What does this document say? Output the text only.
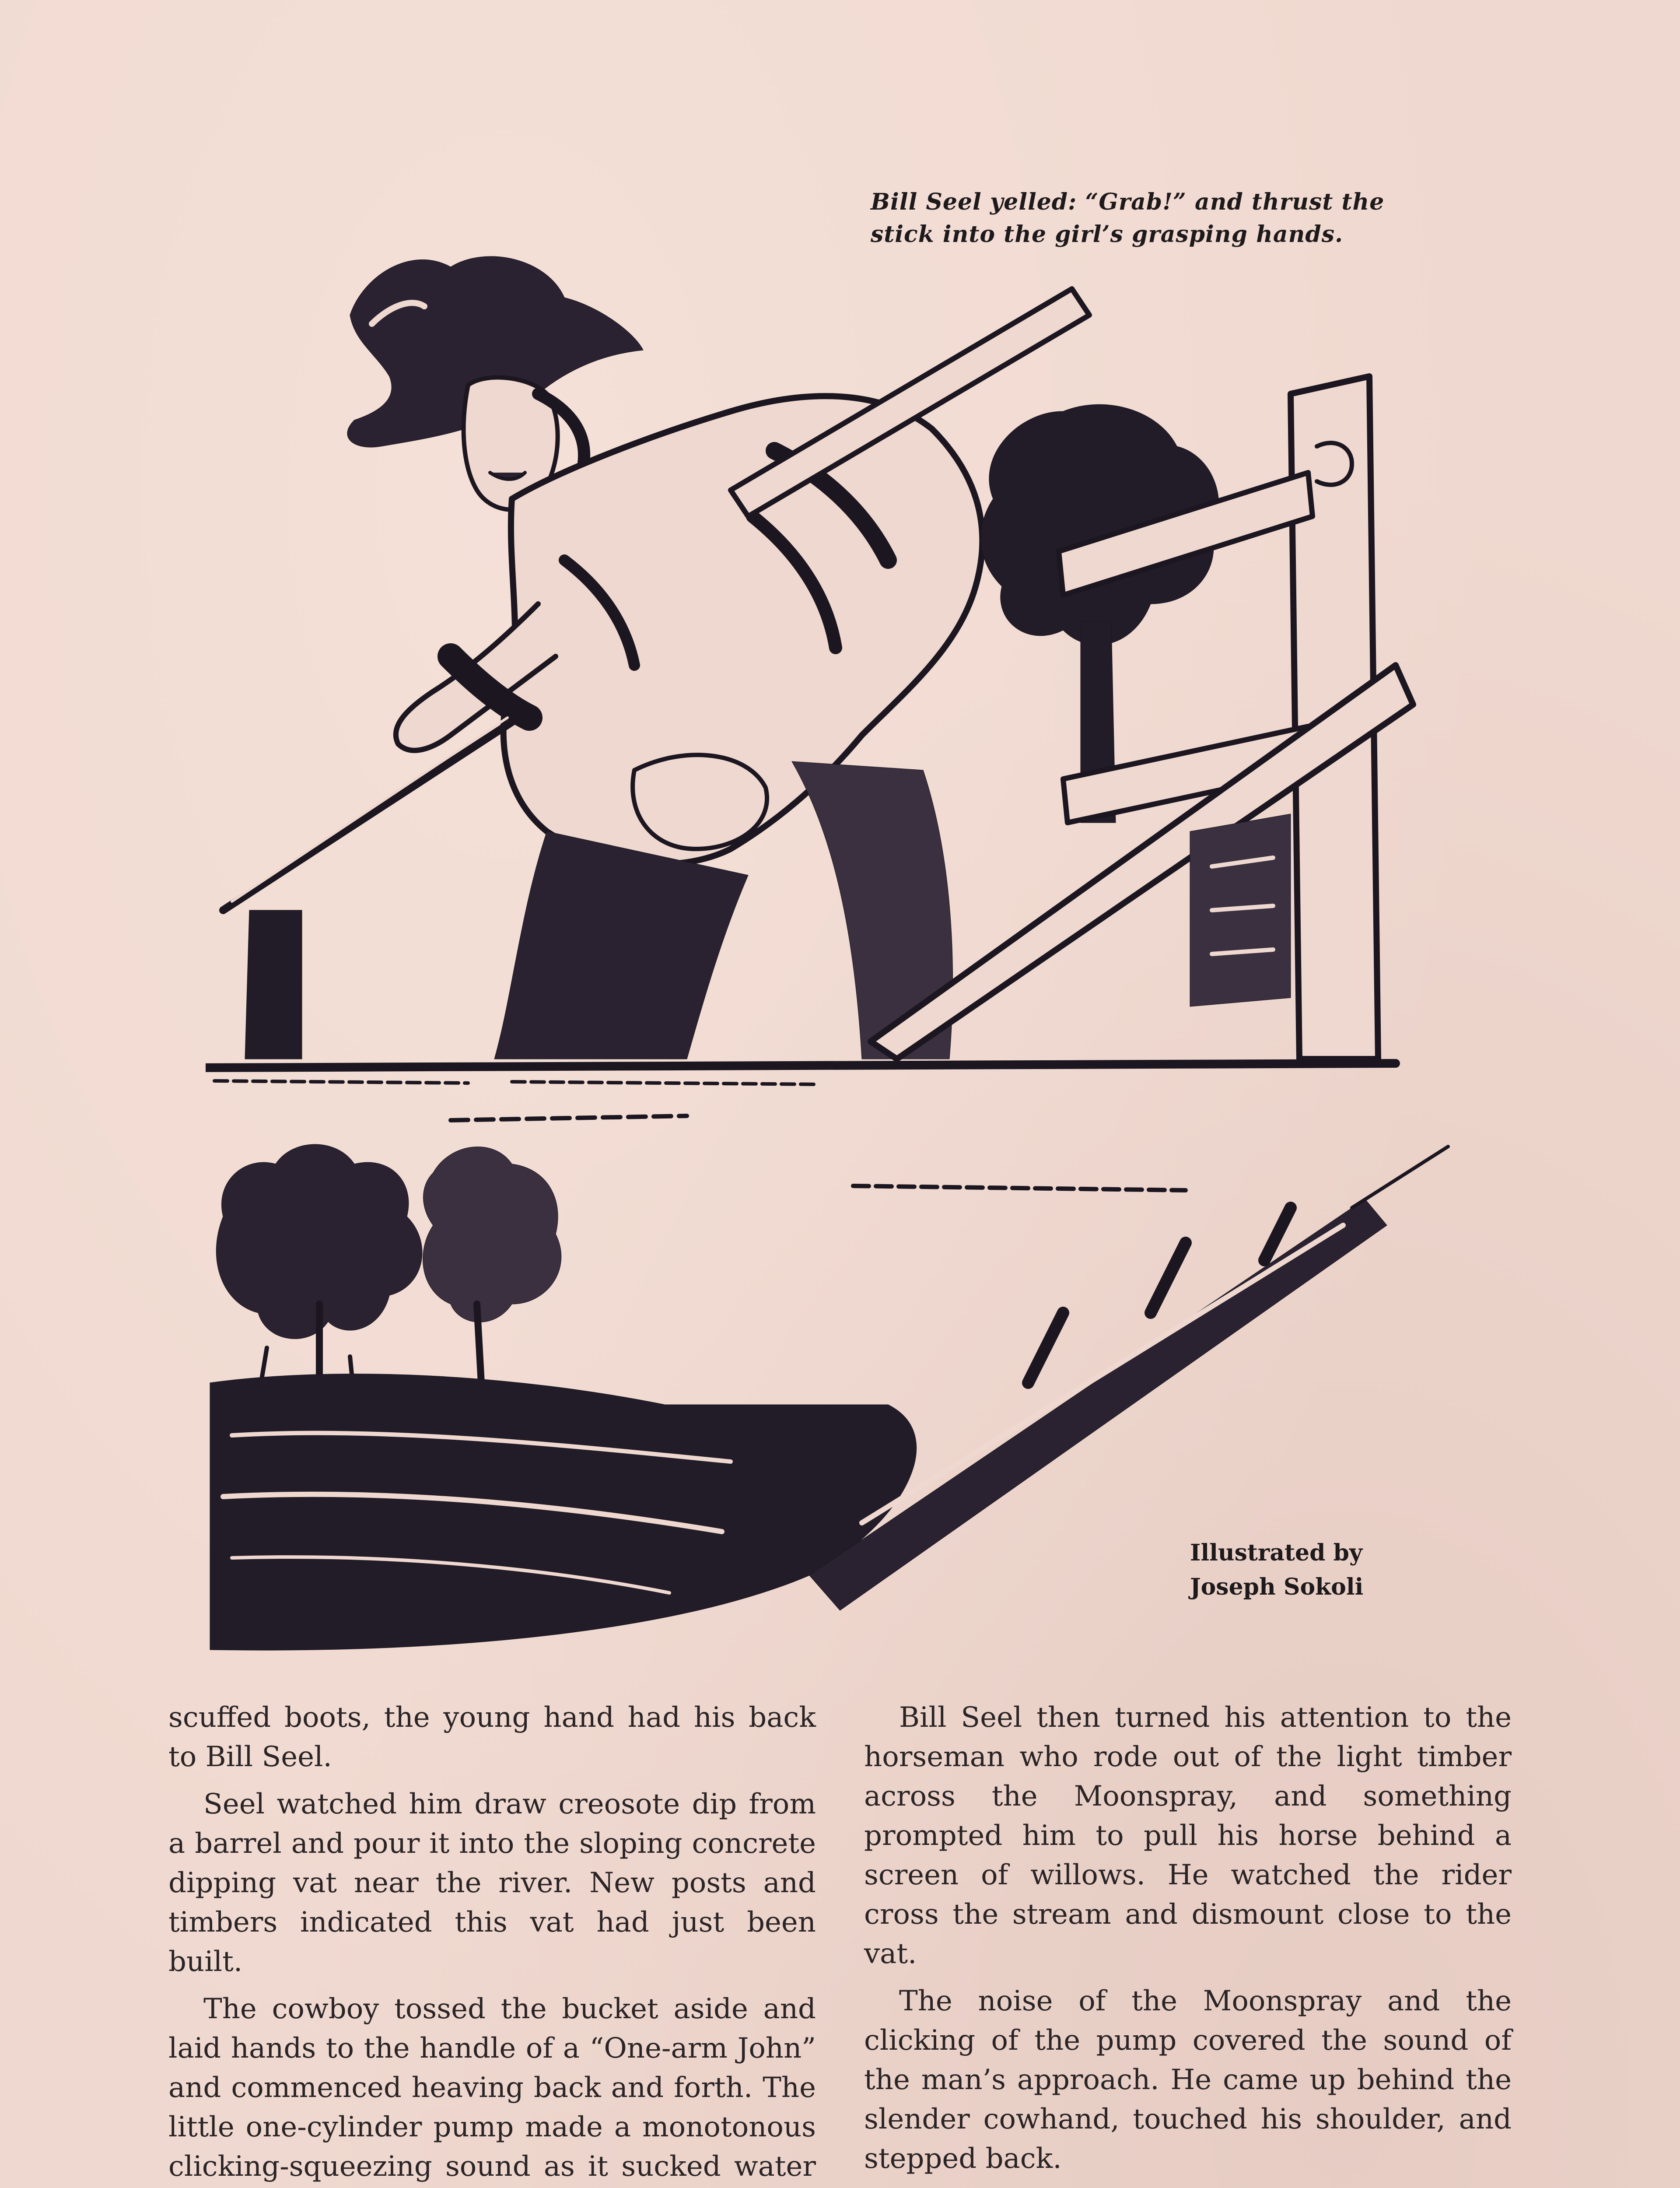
Bill Seel yelled: “Grab!” and thrust the stick into the girl’s grasping hands.
Illustrated by
Joseph Sokoli

scuffed boots, the young hand had his back to Bill Seel.

Seel watched him draw creosote dip from a barrel and pour it into the sloping concrete dipping vat near the river. New posts and timbers indicated this vat had just been built.

The cowboy tossed the bucket aside and laid hands to the handle of a “One-arm John” and commenced heaving back and forth. The little one-cylinder pump made a monotonous clicking-squeezing sound as it sucked water

Bill Seel then turned his attention to the horseman who rode out of the light timber across the Moonspray, and something prompted him to pull his horse behind a screen of willows. He watched the rider cross the stream and dismount close to the vat.

The noise of the Moonspray and the clicking of the pump covered the sound of the man’s approach. He came up behind the slender cowhand, touched his shoulder, and stepped back.
